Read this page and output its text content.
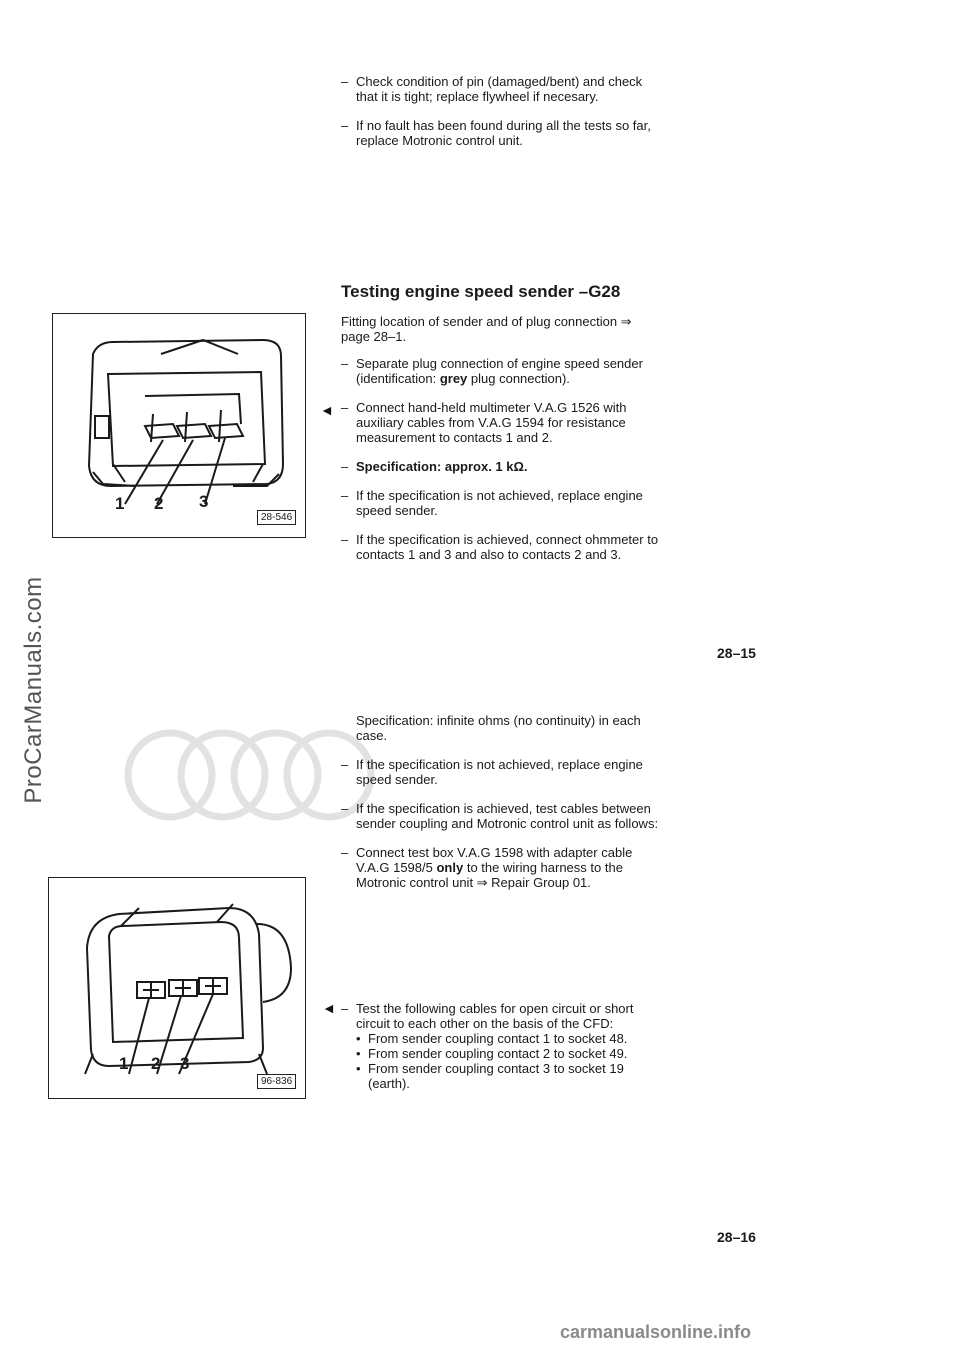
ProCarManuals.com
– Check condition of pin (damaged/bent) and check that it is tight; replace flywheel if necesary.
– If no fault has been found during all the tests so far, replace Motronic control unit.
Testing engine speed sender –G28
1 2 3
28-546
Fitting location of sender and of plug connection ⇒ page 28–1.
– Separate plug connection of engine speed sender (identification: grey plug connection).
– Connect hand-held multimeter V.A.G 1526 with auxiliary cables from V.A.G 1594 for resistance measurement to contacts 1 and 2.
– Specification: approx. 1 kΩ.
– If the specification is not achieved, replace engine speed sender.
– If the specification is achieved, connect ohmmeter to contacts 1 and 3 and also to contacts 2 and 3.
◄
28–15
Specification: infinite ohms (no continuity) in each case.
– If the specification is not achieved, replace engine speed sender.
– If the specification is achieved, test cables between sender coupling and Motronic control unit as follows:
– Connect test box V.A.G 1598 with adapter cable V.A.G 1598/5 only to the wiring harness to the Motronic control unit ⇒ Repair Group 01.
1 2 3
96-836
– Test the following cables for open circuit or short circuit to each other on the basis of the CFD:
• From sender coupling contact 1 to socket 48.
• From sender coupling contact 2 to socket 49.
• From sender coupling contact 3 to socket 19 (earth).
◄
28–16
carmanualsonline.info
